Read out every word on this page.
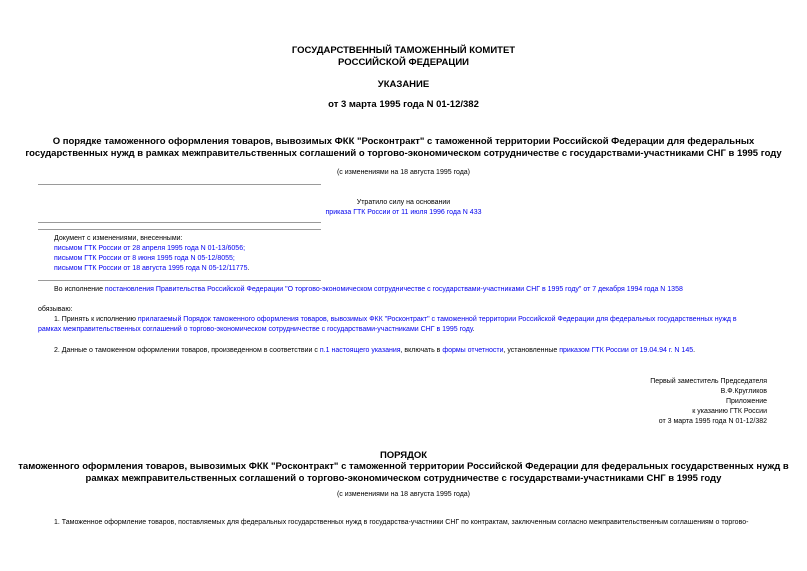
ГОСУДАРСТВЕННЫЙ ТАМОЖЕННЫЙ КОМИТЕТ
РОССИЙСКОЙ ФЕДЕРАЦИИ
УКАЗАНИЕ
от 3 марта 1995 года N 01-12/382
О порядке таможенного оформления товаров, вывозимых ФКК "Росконтракт" с таможенной территории Российской Федерации для федеральных
государственных нужд в рамках межправительственных соглашений о торгово-экономическом сотрудничестве с государствами-участниками СНГ в 1995 году
(с изменениями на 18 августа 1995 года)
Утратило силу на основании
приказа ГТК России от 11 июля 1996 года N 433
Документ с изменениями, внесенными:
письмом ГТК России от 28 апреля 1995 года N 01-13/6056;
письмом ГТК России от 8 июня 1995 года N 05-12/8055;
письмом ГТК России от 18 августа 1995 года N 05-12/11775.
Во исполнение постановления Правительства Российской Федерации "О торгово-экономическом сотрудничестве с государствами-участниками СНГ в 1995 году" от 7 декабря 1994 года N 1358
обязываю:
1. Принять к исполнению прилагаемый Порядок таможенного оформления товаров, вывозимых ФКК "Росконтракт" с таможенной территории Российской Федерации для федеральных государственных нужд в
рамках межправительственных соглашений о торгово-экономическом сотрудничестве с государствами-участниками СНГ в 1995 году.
2. Данные о таможенном оформлении товаров, произведенном в соответствии с п.1 настоящего указания, включать в формы отчетности, установленные приказом ГТК России от 19.04.94 г. N 145.
Первый заместитель Председателя
В.Ф.Кругликов
Приложение
к указанию ГТК России
от 3 марта 1995 года N 01-12/382
ПОРЯДОК
таможенного оформления товаров, вывозимых ФКК "Росконтракт" с таможенной территории Российской Федерации для федеральных государственных нужд в
рамках межправительственных соглашений о торгово-экономическом сотрудничестве с государствами-участниками СНГ в 1995 году
(с изменениями на 18 августа 1995 года)
1. Таможенное оформление товаров, поставляемых для федеральных государственных нужд в государства-участники СНГ по контрактам, заключенным согласно межправительственным соглашениям о торгово-
